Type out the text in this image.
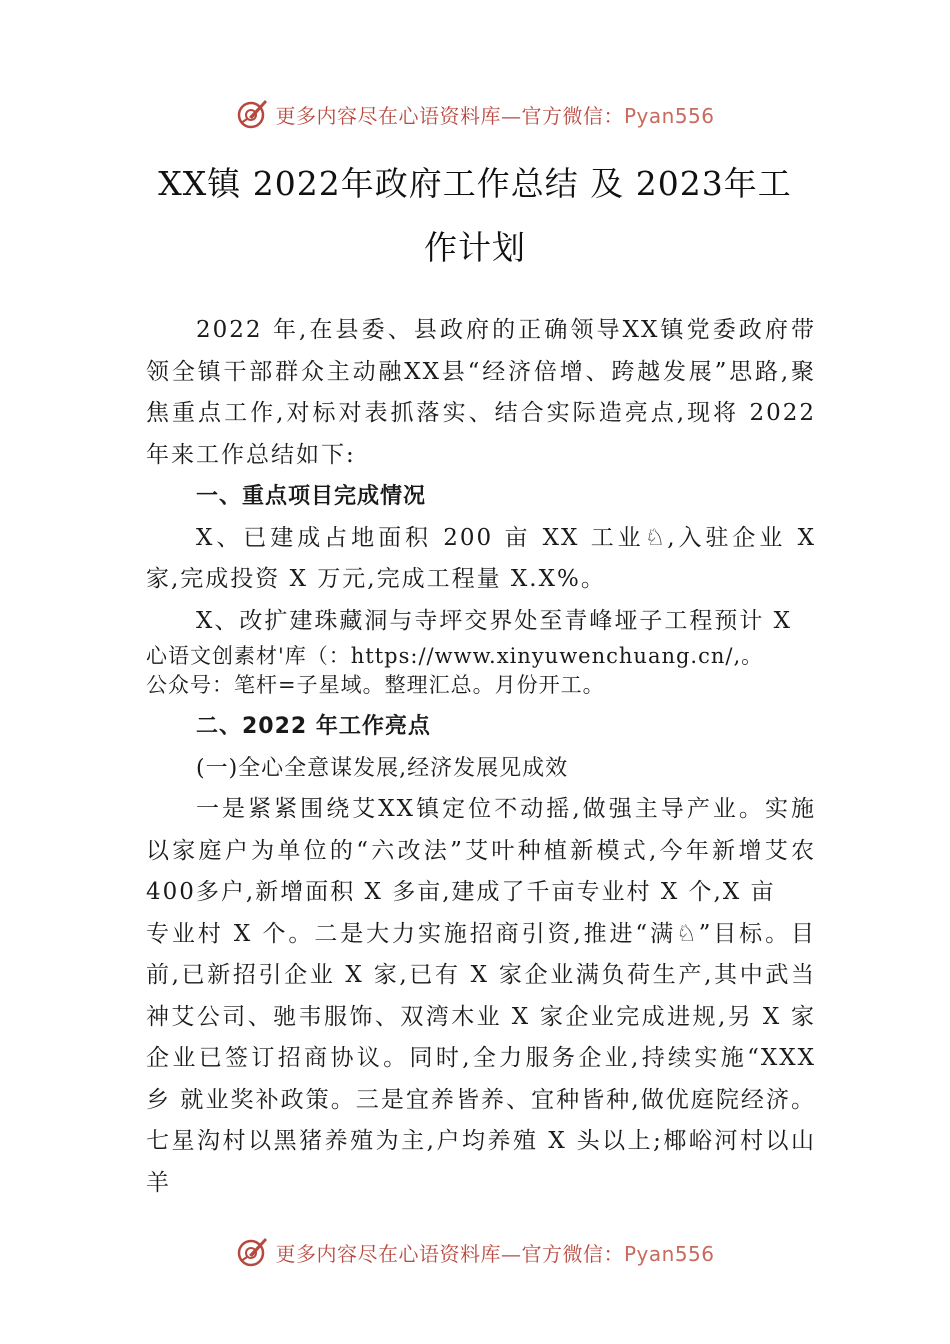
更多内容尽在心语资料库—官方微信：Pyan556
XX镇 2022年政府工作总结 及 2023年工
作计划

2022 年,在县委、县政府的正确领导XX镇党委政府带领全镇干部群众主动融XX县“经济倍增、跨越发展”思路,聚焦重点工作,对标对表抓落实、结合实际造亮点,现将 2022 年来工作总结如下:

一、重点项目完成情况

X、已建成占地面积 200 亩 XX 工业♘,入驻企业 X 家,完成投资 X 万元,完成工程量 X.X%。

X、改扩建珠藏洞与寺坪交界处至青峰垭子工程预计 X

心语文创素材'库（：https://www.xinyuwenchuang.cn/,。

公众号：笔杆=子星域。整理汇总。月份开工。

二、2022 年工作亮点

(一)全心全意谋发展,经济发展见成效

一是紧紧围绕艾XX镇定位不动摇,做强主导产业。实施以家庭户为单位的“六改法”艾叶种植新模式,今年新增艾农400多户,新增面积 X 多亩,建成了千亩专业村 X 个,X 亩

专业村 X 个。二是大力实施招商引资,推进“满♘”目标。目前,已新招引企业 X 家,已有 X 家企业满负荷生产,其中武当神艾公司、驰韦服饰、双湾木业 X 家企业完成进规,另 X 家企业已签订招商协议。同时,全力服务企业,持续实施“XXX 乡 就业奖补政策。三是宜养皆养、宜种皆种,做优庭院经济。七星沟村以黑猪养殖为主,户均养殖 X 头以上;椰峪河村以山羊

更多内容尽在心语资料库—官方微信：Pyan556
